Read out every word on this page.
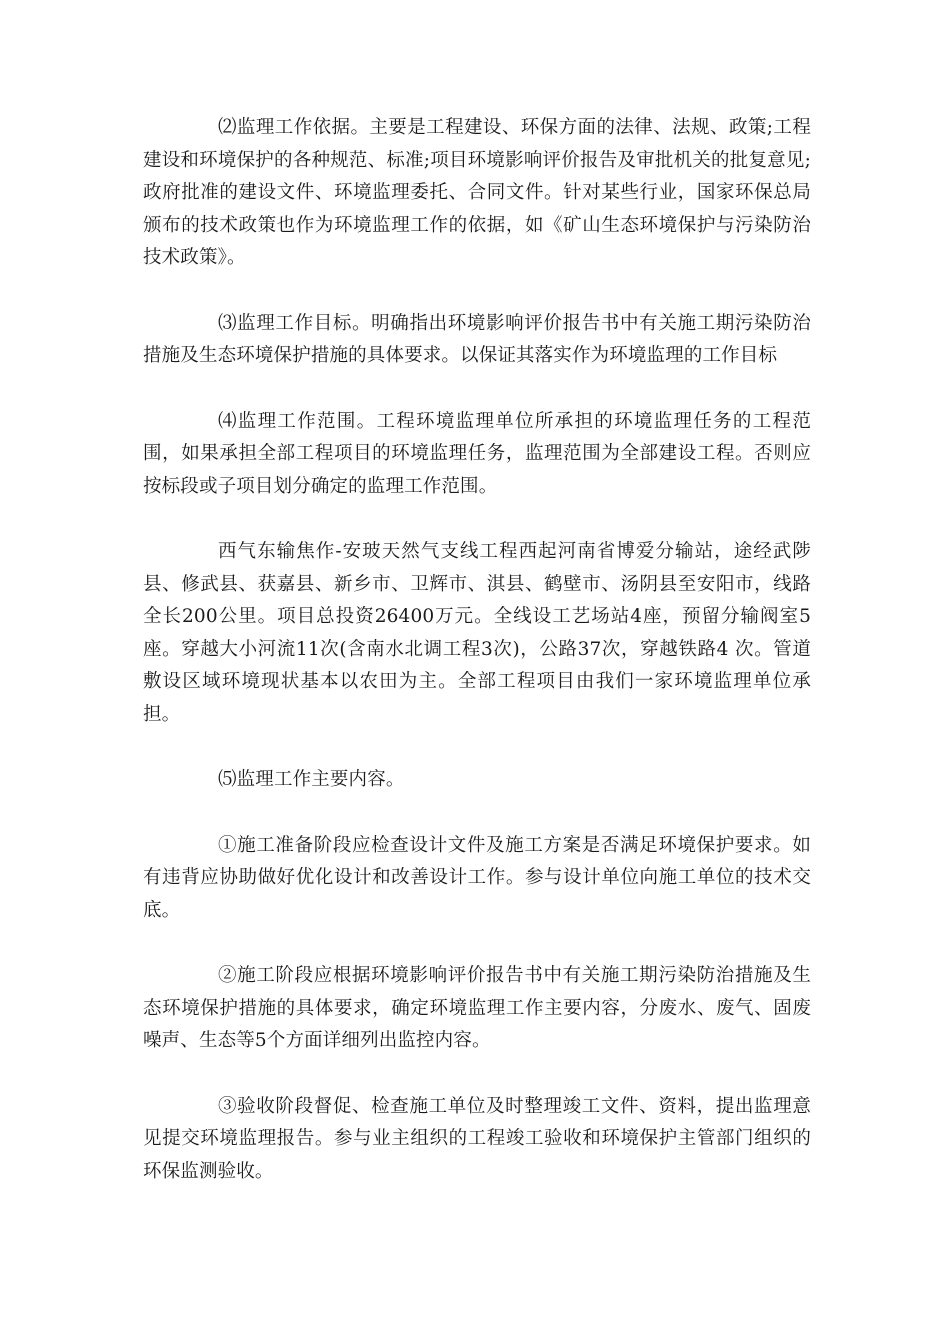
⑵监理工作依据。主要是工程建设、环保方面的法律、法规、政策;工程建设和环境保护的各种规范、标准;项目环境影响评价报告及审批机关的批复意见;政府批准的建设文件、环境监理委托、合同文件。针对某些行业，国家环保总局颁布的技术政策也作为环境监理工作的依据，如《矿山生态环境保护与污染防治技术政策》。

⑶监理工作目标。明确指出环境影响评价报告书中有关施工期污染防治措施及生态环境保护措施的具体要求。以保证其落实作为环境监理的工作目标

⑷监理工作范围。工程环境监理单位所承担的环境监理任务的工程范围，如果承担全部工程项目的环境监理任务，监理范围为全部建设工程。否则应按标段或子项目划分确定的监理工作范围。

西气东输焦作-安玻天然气支线工程西起河南省博爱分输站，途经武陟县、修武县、获嘉县、新乡市、卫辉市、淇县、鹤壁市、汤阴县至安阳市，线路全长200公里。项目总投资26400万元。全线设工艺场站4座，预留分输阀室5座。穿越大小河流11次(含南水北调工程3次)，公路37次，穿越铁路4 次。管道敷设区域环境现状基本以农田为主。全部工程项目由我们一家环境监理单位承担。

⑸监理工作主要内容。

①施工准备阶段应检查设计文件及施工方案是否满足环境保护要求。如有违背应协助做好优化设计和改善设计工作。参与设计单位向施工单位的技术交底。

②施工阶段应根据环境影响评价报告书中有关施工期污染防治措施及生态环境保护措施的具体要求，确定环境监理工作主要内容，分废水、废气、固废噪声、生态等5个方面详细列出监控内容。

③验收阶段督促、检查施工单位及时整理竣工文件、资料，提出监理意见提交环境监理报告。参与业主组织的工程竣工验收和环境保护主管部门组织的环保监测验收。
